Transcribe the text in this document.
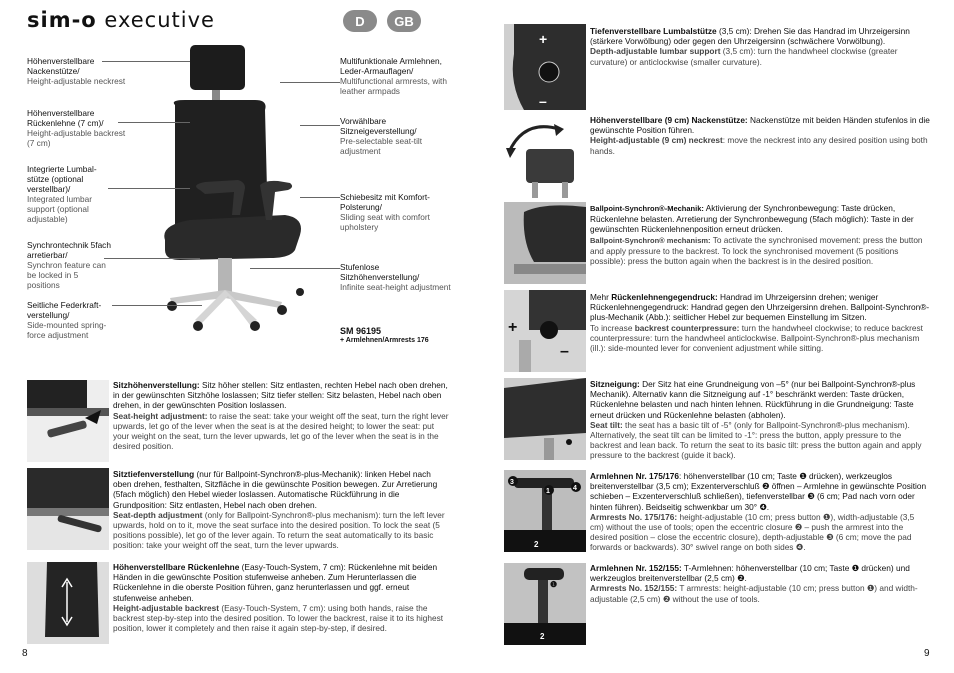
sim-o executive	D	GB
Höhenverstellbare Nackenstütze/
Height-adjustable neckrest
Höhenverstellbare Rückenlehne (7 cm)/
Height-adjustable backrest (7 cm)
Integrierte Lumbal-stütze (optional verstellbar)/
Integrated lumbar support (optional adjustable)
Synchrontechnik 5fach arretierbar/
Synchron feature can be locked in 5 positions
Seitliche Federkraft-verstellung/
Side-mounted spring-force adjustment
Multifunktionale Armlehnen, Leder-Armauflagen/
Multifunctional armrests, with leather armpads
Vorwählbare Sitzneigeverstellung/
Pre-selectable seat-tilt adjustment
Schiebesitz mit Komfort-Polsterung/
Sliding seat with comfort upholstery
Stufenlose Sitzhöhenverstellung/
Infinite seat-height adjustment
SM 96195
+ Armlehnen/Armrests 176
Sitzhöhenverstellung: Sitz höher stellen: Sitz entlasten, rechten Hebel nach oben drehen, in der gewünschten Sitzhöhe loslassen; Sitz tiefer stellen: Sitz belasten, Hebel nach oben drehen, in der gewünschten Position loslassen.
Seat-height adjustment: to raise the seat: take your weight off the seat, turn the right lever upwards, let go of the lever when the seat is at the desired height; to lower the seat: put your weight on the seat, turn the lever upwards, let go of the lever when the seat is in the desired position.
Sitztiefenverstellung (nur für Ballpoint-Synchron®-plus-Mechanik): linken Hebel nach oben drehen, festhalten, Sitzfläche in die gewünschte Position bewegen. Zur Arretierung (5fach möglich) den Hebel wieder loslassen. Automatische Rückführung in die Grundposition: Sitz entlasten, Hebel nach oben drehen.
Seat-depth adjustment (only for Ballpoint-Synchron®-plus mechanism): turn the left lever upwards, hold on to it, move the seat surface into the desired position. To lock the seat (5 positions possible), let go of the lever again. To return the seat automatically to its basic position: take your weight off the seat, turn the lever upwards.
Höhenverstellbare Rückenlehne (Easy-Touch-System, 7 cm): Rückenlehne mit beiden Händen in die gewünschte Position stufenweise anheben. Zum Herunterlassen die Rückenlehne in die oberste Position führen, ganz herunterlassen und ggf. erneut stufenweise anheben.
Height-adjustable backrest (Easy-Touch-System, 7 cm): using both hands, raise the backrest step-by-step into the desired position. To lower the backrest, raise it to its highest position, lower it completely and then raise it again step-by-step, if desired.
8
+
–
Tiefenverstellbare Lumbalstütze (3,5 cm): Drehen Sie das Handrad im Uhrzeigersinn (stärkere Vorwölbung) oder gegen den Uhrzeigersinn (schwächere Vorwölbung).
Depth-adjustable lumbar support (3,5 cm): turn the handwheel clockwise (greater curvature) or anticlockwise (smaller curvature).
Höhenverstellbare (9 cm) Nackenstütze: Nackenstütze mit beiden Händen stufenlos in die gewünschte Position führen.
Height-adjustable (9 cm) neckrest: move the neckrest into any desired position using both hands.
Ballpoint-Synchron®-Mechanik: Aktivierung der Synchronbewegung: Taste drücken, Rückenlehne belasten. Arretierung der Synchronbewegung (5fach möglich): Taste in der gewünschten Rückenlehnenposition erneut drücken.
Ballpoint-Synchron® mechanism: To activate the synchronised movement: press the button and apply pressure to the backrest. To lock the synchronised movement (5 positions possible): press the button again when the backrest is in the desired position.
+
–
Mehr Rückenlehnengegendruck: Handrad im Uhrzeigersinn drehen; weniger Rückenlehnengegendruck: Handrad gegen den Uhrzeigersinn drehen. Ballpoint-Synchron®-plus-Mechanik (Abb.): seitlicher Hebel zur bequemen Einstellung im Sitzen.
To increase backrest counterpressure: turn the handwheel clockwise; to reduce backrest counterpressure: turn the handwheel anticlockwise. Ballpoint-Synchron®-plus mechanism (ill.): side-mounted lever for convenient adjustment while sitting.
Sitzneigung: Der Sitz hat eine Grundneigung von –5° (nur bei Ballpoint-Synchron®-plus Mechanik). Alternativ kann die Sitzneigung auf -1° beschränkt werden: Taste drücken, Rückenlehne belasten und nach hinten lehnen. Rückführung in die Grundneigung: Taste erneut drücken und Rückenlehne belasten (abholen).
Seat tilt: the seat has a basic tilt of -5° (only for Ballpoint-Synchron®-plus mechanism). Alternatively, the seat tilt can be limited to -1°: press the button, apply pressure to the backrest and lean back. To return the seat to its basic tilt: press the button again and apply pressure to the backrest (guide it back).
3
4
1
2
Armlehnen Nr. 175/176: höhenverstellbar (10 cm; Taste ❶ drücken), werkzeuglos breitenverstellbar (3,5 cm); Exzenterverschluß ❷ öffnen – Armlehne in gewünschte Position schieben – Exzenterverschluß schließen), tiefenverstellbar ❸ (6 cm; Pad nach vorn oder hinten führen). Beidseitig schwenkbar um 30° ❹.
Armrests No. 175/176: height-adjustable (10 cm; press button ❶), width-adjustable (3,5 cm) without the use of tools; open the eccentric closure ❷ – push the armrest into the desired position – close the eccentric closure), depth-adjustable ❸ (6 cm; move the pad forwards or backwards). 30° swivel range on both sides ❹.
❶
2
Armlehnen Nr. 152/155: T-Armlehnen: höhenverstellbar (10 cm; Taste ❶ drücken) und werkzeuglos breitenverstellbar (2,5 cm) ❷.
Armrests No. 152/155: T armrests: height-adjustable (10 cm; press button ❶) and width-adjustable (2,5 cm) ❷ without the use of tools.
9
